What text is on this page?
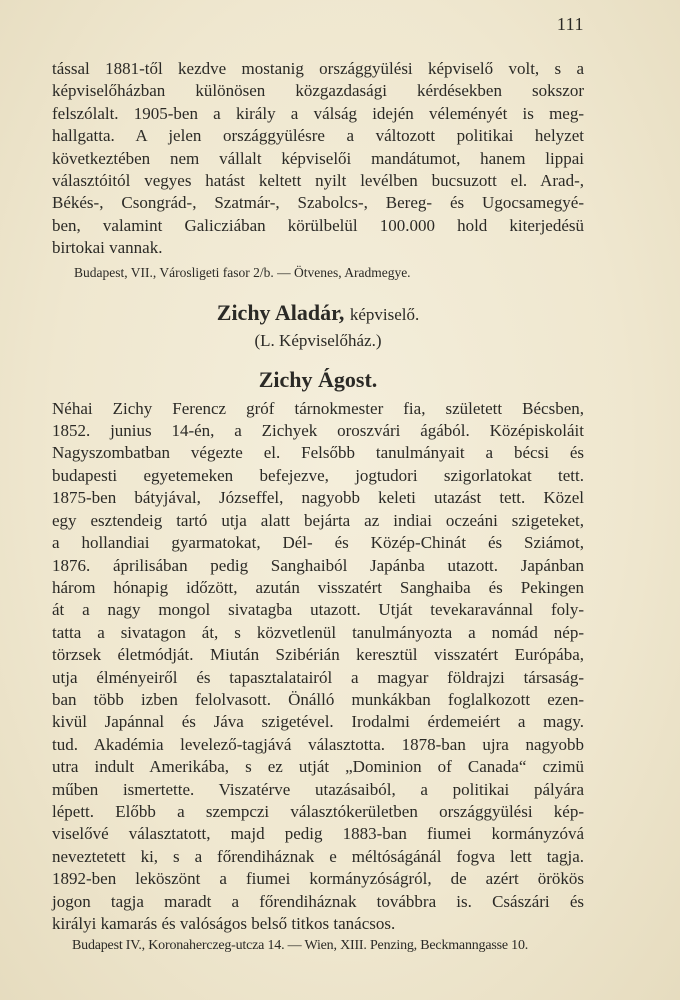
111
tással 1881-től kezdve mostanig országgyülési képviselő volt, s a
képviselőházban különösen közgazdasági kérdésekben sokszor
felszólalt. 1905-ben a király a válság idején véleményét is meg-
hallgatta. A jelen országgyülésre a változott politikai helyzet
következtében nem vállalt képviselői mandátumot, hanem lippai
választóitól vegyes hatást keltett nyilt levélben bucsuzott el. Arad-,
Békés-, Csongrád-, Szatmár-, Szabolcs-, Bereg- és Ugocsamegyé-
ben, valamint Galicziában körülbelül 100.000 hold kiterjedésü
birtokai vannak.
Budapest, VII., Városligeti fasor 2/b. — Ötvenes, Aradmegye.
Zichy Aladár, képviselő.
(L. Képviselőház.)
Zichy Ágost.
Néhai Zichy Ferencz gróf tárnokmester fia, született Bécsben,
1852. junius 14-én, a Zichyek oroszvári ágából. Középiskoláit
Nagyszombatban végezte el. Felsőbb tanulmányait a bécsi és
budapesti egyetemeken befejezve, jogtudori szigorlatokat tett.
1875-ben bátyjával, Józseffel, nagyobb keleti utazást tett. Közel
egy esztendeig tartó utja alatt bejárta az indiai oczeáni szigeteket,
a hollandiai gyarmatokat, Dél- és Közép-Chinát és Sziámot,
1876. áprilisában pedig Sanghaiból Japánba utazott. Japánban
három hónapig időzött, azután visszatért Sanghaiba és Pekingen
át a nagy mongol sivatagba utazott. Utját tevekaravánnal foly-
tatta a sivatagon át, s közvetlenül tanulmányozta a nomád nép-
törzsek életmódját. Miután Szibérián keresztül visszatért Európába,
utja élményeiről és tapasztalatairól a magyar földrajzi társaság-
ban több izben felolvasott. Önálló munkákban foglalkozott ezen-
kivül Japánnal és Jáva szigetével. Irodalmi érdemeiért a magy.
tud. Akadémia levelező-tagjává választotta. 1878-ban ujra nagyobb
utra indult Amerikába, s ez utját „Dominion of Canada“ czimü
műben ismertette. Viszatérve utazásaiból, a politikai pályára
lépett. Előbb a szempczi választókerületben országgyülési kép-
viselővé választatott, majd pedig 1883-ban fiumei kormányzóvá
neveztetett ki, s a főrendiháznak e méltóságánál fogva lett tagja.
1892-ben leköszönt a fiumei kormányzóságról, de azért örökös
jogon tagja maradt a főrendiháznak továbbra is. Császári és
királyi kamarás és valóságos belső titkos tanácsos.
Budapest IV., Koronaherczeg-utcza 14. — Wien, XIII. Penzing, Beckmanngasse 10.
